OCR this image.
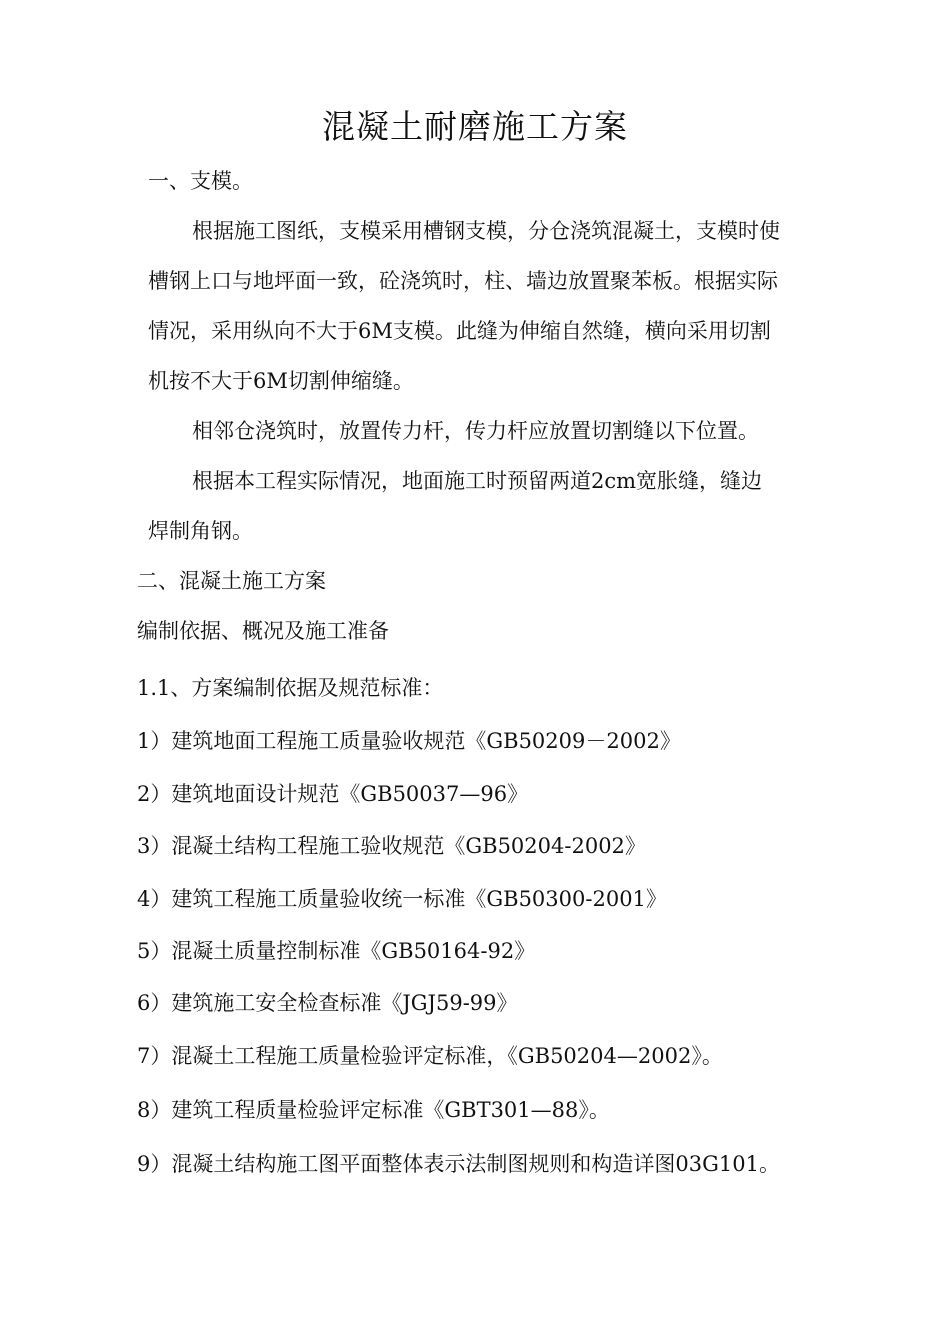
混凝土耐磨施工方案
一、支模。
根据施工图纸，支模采用槽钢支模，分仓浇筑混凝土，支模时使
槽钢上口与地坪面一致，砼浇筑时，柱、墙边放置聚苯板。根据实际
情况，采用纵向不大于6M支模。此缝为伸缩自然缝，横向采用切割
机按不大于6M切割伸缩缝。
相邻仓浇筑时，放置传力杆，传力杆应放置切割缝以下位置。
根据本工程实际情况，地面施工时预留两道2cm宽胀缝，缝边
焊制角钢。
二、混凝土施工方案
编制依据、概况及施工准备
1.1、方案编制依据及规范标准：
1）建筑地面工程施工质量验收规范《GB50209－2002》
2）建筑地面设计规范《GB50037—96》
3）混凝土结构工程施工验收规范《GB50204-2002》
4）建筑工程施工质量验收统一标准《GB50300-2001》
5）混凝土质量控制标准《GB50164-92》
6）建筑施工安全检查标准《JGJ59-99》
7）混凝土工程施工质量检验评定标准，《GB50204—2002》。
8）建筑工程质量检验评定标准《GBT301—88》。
9）混凝土结构施工图平面整体表示法制图规则和构造详图03G101。
